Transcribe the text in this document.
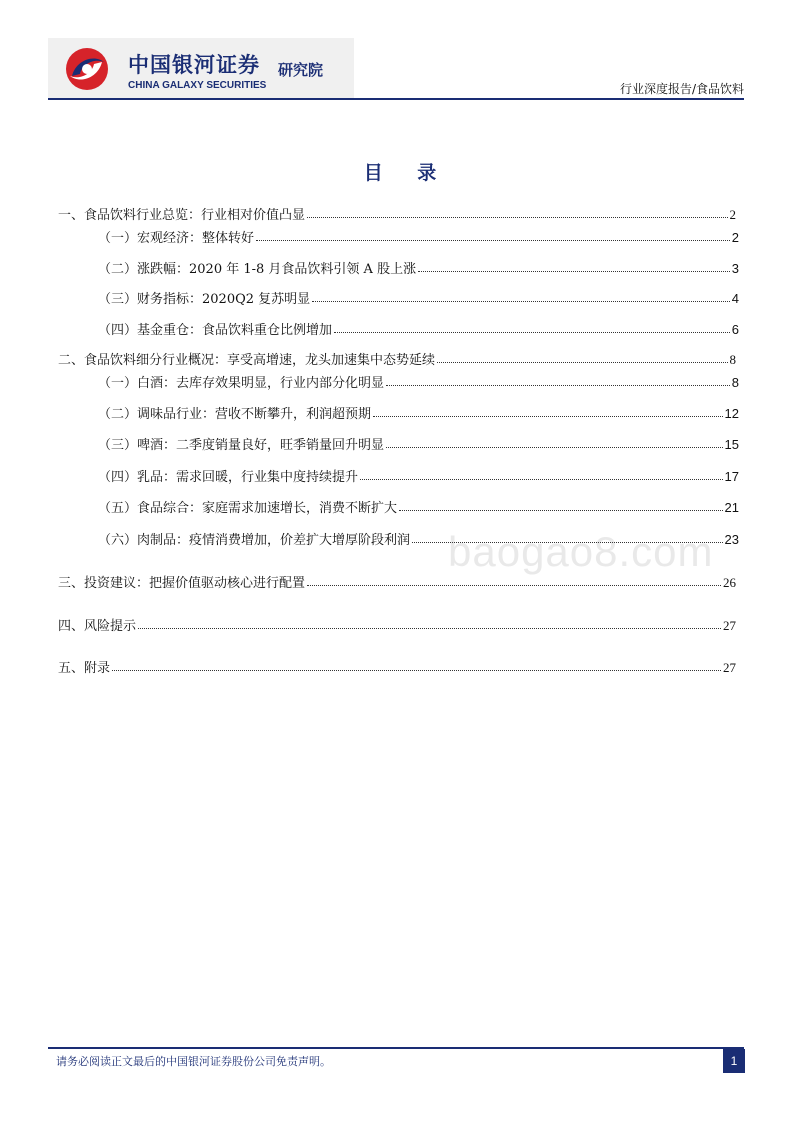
中国银河证券
CHINA GALAXY SECURITIES
研究院
行业深度报告/食品饮料
目 录
一、食品饮料行业总览：行业相对价值凸显	2
（一）宏观经济：整体转好	2
（二）涨跌幅：2020 年 1-8 月食品饮料引领 A 股上涨	3
（三）财务指标：2020Q2 复苏明显	4
（四）基金重仓：食品饮料重仓比例增加	6
二、食品饮料细分行业概况：享受高增速，龙头加速集中态势延续	8
（一）白酒：去库存效果明显，行业内部分化明显	8
（二）调味品行业：营收不断攀升，利润超预期	12
（三）啤酒：二季度销量良好，旺季销量回升明显	15
（四）乳品：需求回暖，行业集中度持续提升	17
（五）食品综合：家庭需求加速增长，消费不断扩大	21
（六）肉制品：疫情消费增加，价差扩大增厚阶段利润	23
三、投资建议：把握价值驱动核心进行配置	26
四、风险提示	27
五、附录	27
baogao8.com
请务必阅读正文最后的中国银河证券股份公司免责声明。	1
